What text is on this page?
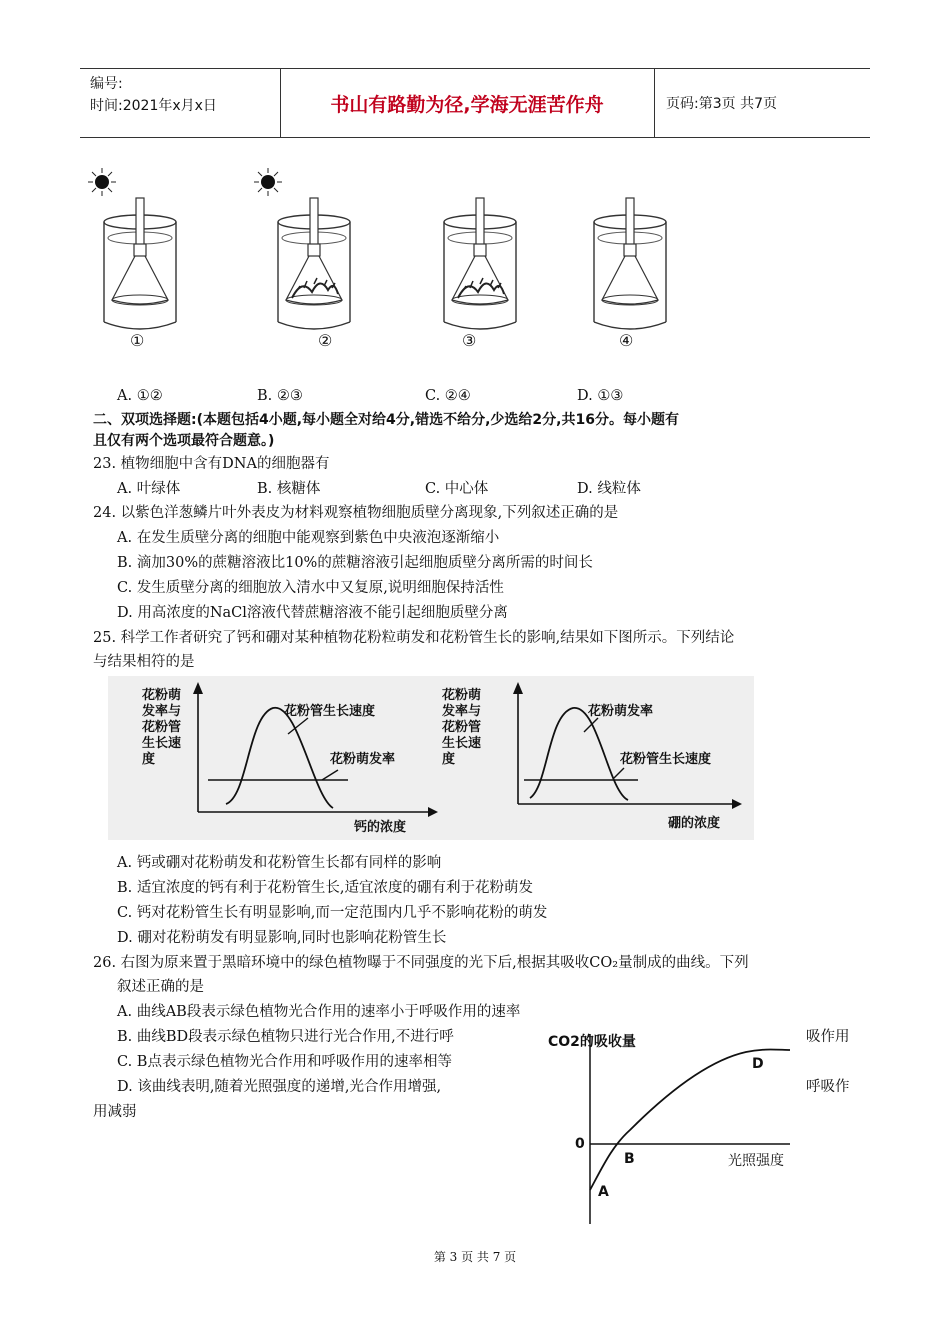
编号:
时间:2021年x月x日	书山有路勤为径,学海无涯苦作舟	页码:第3页 共7页
①	②	③	④
A. ①②	B. ②③	C. ②④	D. ①③
二、双项选择题:(本题包括4小题,每小题全对给4分,错选不给分,少选给2分,共16分。每小题有
且仅有两个选项最符合题意。)
23. 植物细胞中含有DNA的细胞器有
A. 叶绿体	B. 核糖体	C. 中心体	D. 线粒体
24. 以紫色洋葱鳞片叶外表皮为材料观察植物细胞质壁分离现象,下列叙述正确的是
A. 在发生质壁分离的细胞中能观察到紫色中央液泡逐渐缩小
B. 滴加30%的蔗糖溶液比10%的蔗糖溶液引起细胞质壁分离所需的时间长
C. 发生质壁分离的细胞放入清水中又复原,说明细胞保持活性
D. 用高浓度的NaCl溶液代替蔗糖溶液不能引起细胞质壁分离
25. 科学工作者研究了钙和硼对某种植物花粉粒萌发和花粉管生长的影响,结果如下图所示。下列结论
与结果相符的是
花粉萌
发率与
花粉管
生长速
度
花粉管生长速度
花粉萌发率
钙的浓度
花粉萌
发率与
花粉管
生长速
度
花粉萌发率
花粉管生长速度
硼的浓度
A. 钙或硼对花粉萌发和花粉管生长都有同样的影响
B. 适宜浓度的钙有利于花粉管生长,适宜浓度的硼有利于花粉萌发
C. 钙对花粉管生长有明显影响,而一定范围内几乎不影响花粉的萌发
D. 硼对花粉萌发有明显影响,同时也影响花粉管生长
26. 右图为原来置于黑暗环境中的绿色植物曝于不同强度的光下后,根据其吸收CO₂量制成的曲线。下列
叙述正确的是
A. 曲线AB段表示绿色植物光合作用的速率小于呼吸作用的速率
B. 曲线BD段表示绿色植物只进行光合作用,不进行呼	吸作用
C. B点表示绿色植物光合作用和呼吸作用的速率相等
D. 该曲线表明,随着光照强度的递增,光合作用增强,	呼吸作
用减弱
CO2的吸收量
0
A
B
D
光照强度
第 3 页 共 7 页
